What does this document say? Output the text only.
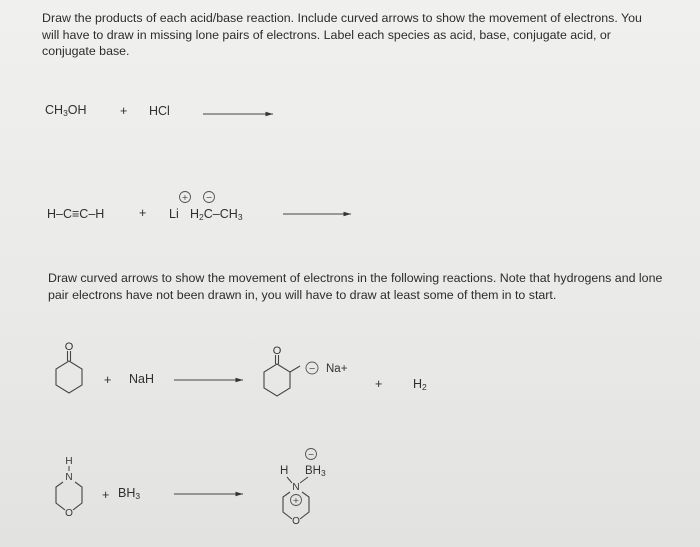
Draw the products of each acid/base reaction. Include curved arrows to show the movement of electrons. You will have to draw in missing lone pairs of electrons. Label each species as acid, base, conjugate acid, or conjugate base.
Draw curved arrows to show the movement of electrons in the following reactions. Note that hydrogens and lone pair electrons have not been drawn in, you will have to draw at least some of them in to start.
$CH_3OH$	+ HCl
H–C≡C–H	+ Li $H_2C-CH_3$
+ NaH
Na+
+ $H_2$
+ $BH_3$
H $BH_3$
+ −
O	O
−
H
N
O
−
N
+
O
